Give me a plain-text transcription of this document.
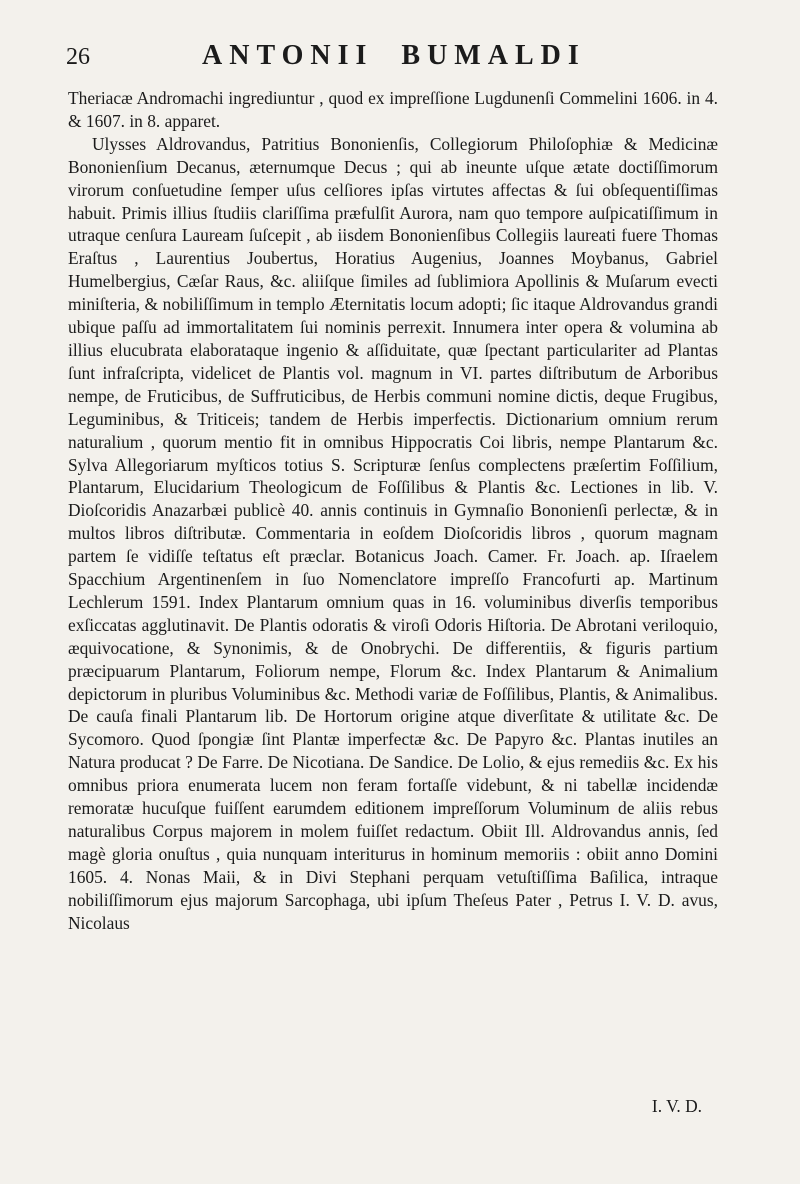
26	ANTONII BUMALDI

Theriacæ Andromachi ingrediuntur , quod ex impreſſione Lugdunenſi Commelini 1606. in 4. & 1607. in 8. apparet.

Ulysses Aldrovandus, Patritius Bononienſis, Collegiorum Philoſophiæ & Medicinæ Bononienſium Decanus, æternumque Decus ; qui ab ineunte uſque ætate doctiſſimorum virorum conſuetudine ſemper uſus celſiores ipſas virtutes affectas & ſui obſequentiſſimas habuit. Primis illius ſtudiis clariſſima præfulſit Aurora, nam quo tempore auſpicatiſſimum in utraque cenſura Lauream ſuſcepit , ab iisdem Bononienſibus Collegiis laureati fuere Thomas Eraſtus , Laurentius Joubertus, Horatius Augenius, Joannes Moybanus, Gabriel Humelbergius, Cæſar Raus, &c. aliiſque ſimiles ad ſublimiora Apollinis & Muſarum evecti miniſteria, & nobiliſſimum in templo Æternitatis locum adopti; ſic itaque Aldrovandus grandi ubique paſſu ad immortalitatem ſui nominis perrexit. Innumera inter opera & volumina ab illius elucubrata elaborataque ingenio & aſſiduitate, quæ ſpectant particulariter ad Plantas ſunt infraſcripta, videlicet de Plantis vol. magnum in VI. partes diſtributum de Arboribus nempe, de Fruticibus, de Suffruticibus, de Herbis communi nomine dictis, deque Frugibus, Leguminibus, & Triticeis; tandem de Herbis imperfectis. Dictionarium omnium rerum naturalium , quorum mentio fit in omnibus Hippocratis Coi libris, nempe Plantarum &c. Sylva Allegoriarum myſticos totius S. Scripturæ ſenſus complectens præſertim Foſſilium, Plantarum, Elucidarium Theologicum de Foſſilibus & Plantis &c. Lectiones in lib. V. Dioſcoridis Anazarbæi publicè 40. annis continuis in Gymnaſio Bononienſi perlectæ, & in multos libros diſtributæ. Commentaria in eoſdem Dioſcoridis libros , quorum magnam partem ſe vidiſſe teſtatus eſt præclar. Botanicus Joach. Camer. Fr. Joach. ap. Iſraelem Spacchium Argentinenſem in ſuo Nomenclatore impreſſo Francofurti ap. Martinum Lechlerum 1591. Index Plantarum omnium quas in 16. voluminibus diverſis temporibus exſiccatas agglutinavit. De Plantis odoratis & viroſi Odoris Hiſtoria. De Abrotani veriloquio, æquivocatione, & Synonimis, & de Onobrychi. De differentiis, & figuris partium præcipuarum Plantarum, Foliorum nempe, Florum &c. Index Plantarum & Animalium depictorum in pluribus Voluminibus &c. Methodi variæ de Foſſilibus, Plantis, & Animalibus. De cauſa finali Plantarum lib. De Hortorum origine atque diverſitate & utilitate &c. De Sycomoro. Quod ſpongiæ ſint Plantæ imperfectæ &c. De Papyro &c. Plantas inutiles an Natura producat ? De Farre. De Nicotiana. De Sandice. De Lolio, & ejus remediis &c. Ex his omnibus priora enumerata lucem non feram fortaſſe videbunt, & ni tabellæ incidendæ remoratæ hucuſque fuiſſent earumdem editionem impreſſorum Voluminum de aliis rebus naturalibus Corpus majorem in molem fuiſſet redactum. Obiit Ill. Aldrovandus annis, ſed magè gloria onuſtus , quia nunquam interiturus in hominum memoriis : obiit anno Domini 1605. 4. Nonas Maii, & in Divi Stephani perquam vetuſtiſſima Baſilica, intraque nobiliſſimorum ejus majorum Sarcophaga, ubi ipſum Theſeus Pater , Petrus I. V. D. avus, Nicolaus

I. V. D.
